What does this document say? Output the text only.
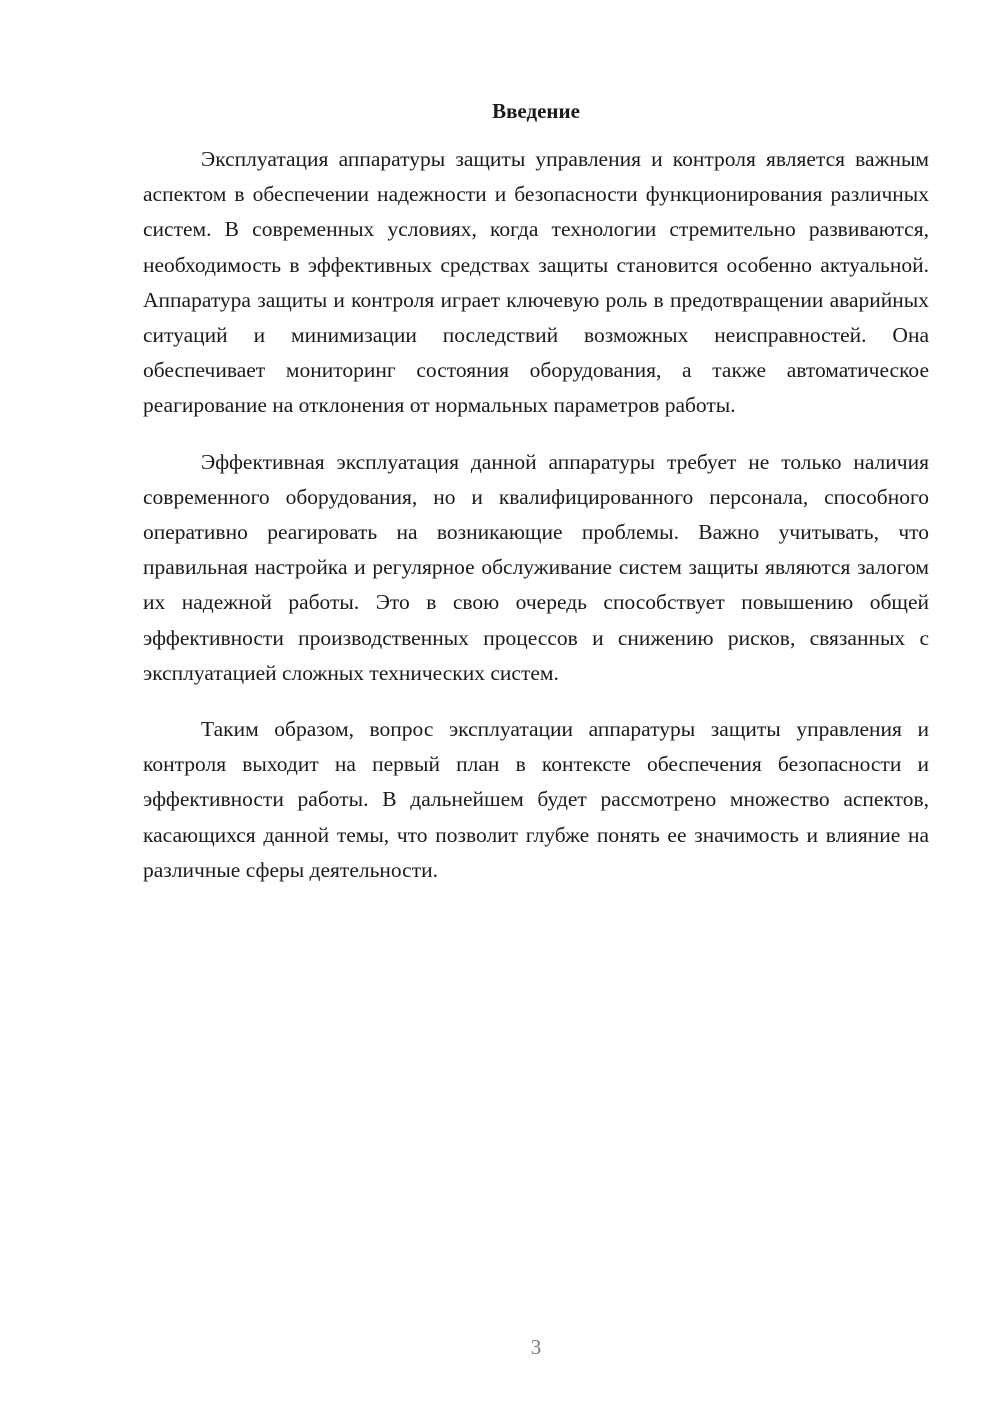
Введение

Эксплуатация аппаратуры защиты управления и контроля является важным аспектом в обеспечении надежности и безопасности функционирования различных систем. В современных условиях, когда технологии стремительно развиваются, необходимость в эффективных средствах защиты становится особенно актуальной. Аппаратура защиты и контроля играет ключевую роль в предотвращении аварийных ситуаций и минимизации последствий возможных неисправностей. Она обеспечивает мониторинг состояния оборудования, а также автоматическое реагирование на отклонения от нормальных параметров работы.

Эффективная эксплуатация данной аппаратуры требует не только наличия современного оборудования, но и квалифицированного персонала, способного оперативно реагировать на возникающие проблемы. Важно учитывать, что правильная настройка и регулярное обслуживание систем защиты являются залогом их надежной работы. Это в свою очередь способствует повышению общей эффективности производственных процессов и снижению рисков, связанных с эксплуатацией сложных технических систем.

Таким образом, вопрос эксплуатации аппаратуры защиты управления и контроля выходит на первый план в контексте обеспечения безопасности и эффективности работы. В дальнейшем будет рассмотрено множество аспектов, касающихся данной темы, что позволит глубже понять ее значимость и влияние на различные сферы деятельности.

3
